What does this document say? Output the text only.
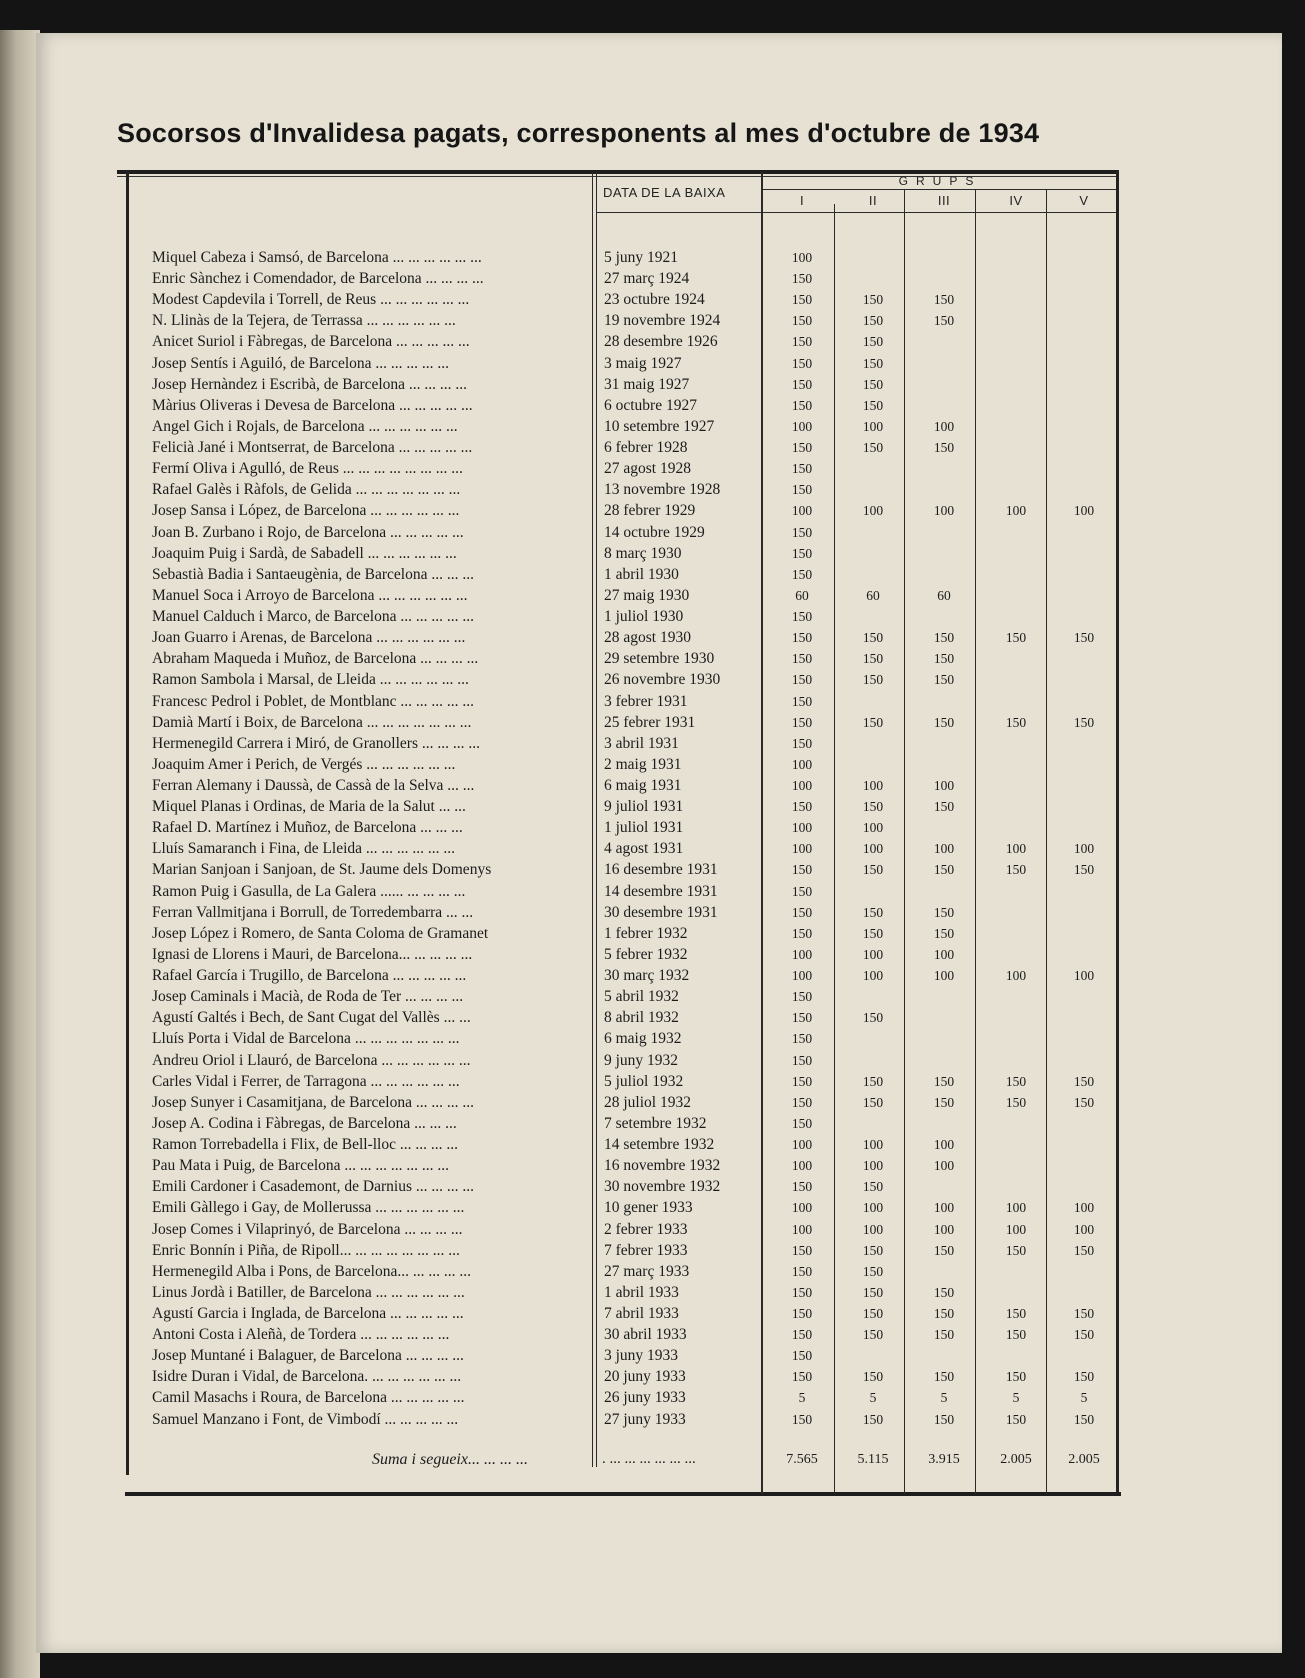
Socorsos d'Invalidesa pagats, corresponents al mes d'octubre de 1934
DATA DE LA BAIXA
GRUPS
I	II	III	IV	V
Miquel Cabeza i Samsó, de Barcelona ... ... ... ... ... ...	5 juny 1921	100
Enric Sànchez i Comendador, de Barcelona ... ... ... ...	27 març 1924	150
Modest Capdevila i Torrell, de Reus ... ... ... ... ... ...	23 octubre 1924	150	150	150
N. Llinàs de la Tejera, de Terrassa ... ... ... ... ... ...	19 novembre 1924	150	150	150
Anicet Suriol i Fàbregas, de Barcelona ... ... ... ... ...	28 desembre 1926	150	150
Josep Sentís i Aguiló, de Barcelona ... ... ... ... ...	3 maig 1927	150	150
Josep Hernàndez i Escribà, de Barcelona ... ... ... ...	31 maig 1927	150	150
Màrius Oliveras i Devesa de Barcelona ... ... ... ... ...	6 octubre 1927	150	150
Angel Gich i Rojals, de Barcelona ... ... ... ... ... ...	10 setembre 1927	100	100	100
Felicià Jané i Montserrat, de Barcelona ... ... ... ... ...	6 febrer 1928	150	150	150
Fermí Oliva i Agulló, de Reus ... ... ... ... ... ... ... ...	27 agost 1928	150
Rafael Galès i Ràfols, de Gelida ... ... ... ... ... ... ...	13 novembre 1928	150
Josep Sansa i López, de Barcelona ... ... ... ... ... ...	28 febrer 1929	100	100	100	100	100
Joan B. Zurbano i Rojo, de Barcelona ... ... ... ... ...	14 octubre 1929	150
Joaquim Puig i Sardà, de Sabadell ... ... ... ... ... ...	8 març 1930	150
Sebastià Badia i Santaeugènia, de Barcelona ... ... ...	1 abril 1930	150
Manuel Soca i Arroyo de Barcelona ... ... ... ... ... ...	27 maig 1930	60	60	60
Manuel Calduch i Marco, de Barcelona ... ... ... ... ...	1 juliol 1930	150
Joan Guarro i Arenas, de Barcelona ... ... ... ... ... ...	28 agost 1930	150	150	150	150	150
Abraham Maqueda i Muñoz, de Barcelona ... ... ... ...	29 setembre 1930	150	150	150
Ramon Sambola i Marsal, de Lleida ... ... ... ... ... ...	26 novembre 1930	150	150	150
Francesc Pedrol i Poblet, de Montblanc ... ... ... ... ...	3 febrer 1931	150
Damià Martí i Boix, de Barcelona ... ... ... ... ... ... ...	25 febrer 1931	150	150	150	150	150
Hermenegild Carrera i Miró, de Granollers ... ... ... ...	3 abril 1931	150
Joaquim Amer i Perich, de Vergés ... ... ... ... ... ...	2 maig 1931	100
Ferran Alemany i Daussà, de Cassà de la Selva ... ...	6 maig 1931	100	100	100
Miquel Planas i Ordinas, de Maria de la Salut ... ...	9 juliol 1931	150	150	150
Rafael D. Martínez i Muñoz, de Barcelona ... ... ...	1 juliol 1931	100	100
Lluís Samaranch i Fina, de Lleida ... ... ... ... ... ...	4 agost 1931	100	100	100	100	100
Marian Sanjoan i Sanjoan, de St. Jaume dels Domenys	16 desembre 1931	150	150	150	150	150
Ramon Puig i Gasulla, de La Galera ...... ... ... ... ...	14 desembre 1931	150
Ferran Vallmitjana i Borrull, de Torredembarra ... ...	30 desembre 1931	150	150	150
Josep López i Romero, de Santa Coloma de Gramanet	1 febrer 1932	150	150	150
Ignasi de Llorens i Mauri, de Barcelona... ... ... ... ...	5 febrer 1932	100	100	100
Rafael García i Trugillo, de Barcelona ... ... ... ... ...	30 març 1932	100	100	100	100	100
Josep Caminals i Macià, de Roda de Ter ... ... ... ...	5 abril 1932	150
Agustí Galtés i Bech, de Sant Cugat del Vallès ... ...	8 abril 1932	150	150
Lluís Porta i Vidal de Barcelona ... ... ... ... ... ... ...	6 maig 1932	150
Andreu Oriol i Llauró, de Barcelona ... ... ... ... ... ...	9 juny 1932	150
Carles Vidal i Ferrer, de Tarragona ... ... ... ... ... ...	5 juliol 1932	150	150	150	150	150
Josep Sunyer i Casamitjana, de Barcelona ... ... ... ...	28 juliol 1932	150	150	150	150	150
Josep A. Codina i Fàbregas, de Barcelona ... ... ...	7 setembre 1932	150
Ramon Torrebadella i Flix, de Bell-lloc ... ... ... ...	14 setembre 1932	100	100	100
Pau Mata i Puig, de Barcelona ... ... ... ... ... ... ...	16 novembre 1932	100	100	100
Emili Cardoner i Casademont, de Darnius ... ... ... ...	30 novembre 1932	150	150
Emili Gàllego i Gay, de Mollerussa ... ... ... ... ... ...	10 gener 1933	100	100	100	100	100
Josep Comes i Vilaprinyó, de Barcelona ... ... ... ...	2 febrer 1933	100	100	100	100	100
Enric Bonnín i Piña, de Ripoll... ... ... ... ... ... ... ...	7 febrer 1933	150	150	150	150	150
Hermenegild Alba i Pons, de Barcelona... ... ... ... ...	27 març 1933	150	150
Linus Jordà i Batiller, de Barcelona ... ... ... ... ... ...	1 abril 1933	150	150	150
Agustí Garcia i Inglada, de Barcelona ... ... ... ... ...	7 abril 1933	150	150	150	150	150
Antoni Costa i Aleñà, de Tordera ... ... ... ... ... ...	30 abril 1933	150	150	150	150	150
Josep Muntané i Balaguer, de Barcelona ... ... ... ...	3 juny 1933	150
Isidre Duran i Vidal, de Barcelona. ... ... ... ... ... ...	20 juny 1933	150	150	150	150	150
Camil Masachs i Roura, de Barcelona ... ... ... ... ...	26 juny 1933	5	5	5	5	5
Samuel Manzano i Font, de Vimbodí ... ... ... ... ...	27 juny 1933	150	150	150	150	150
Suma i segueix... ... ... ...	. ... ... ... ... ... ...	7.565	5.115	3.915	2.005	2.005
